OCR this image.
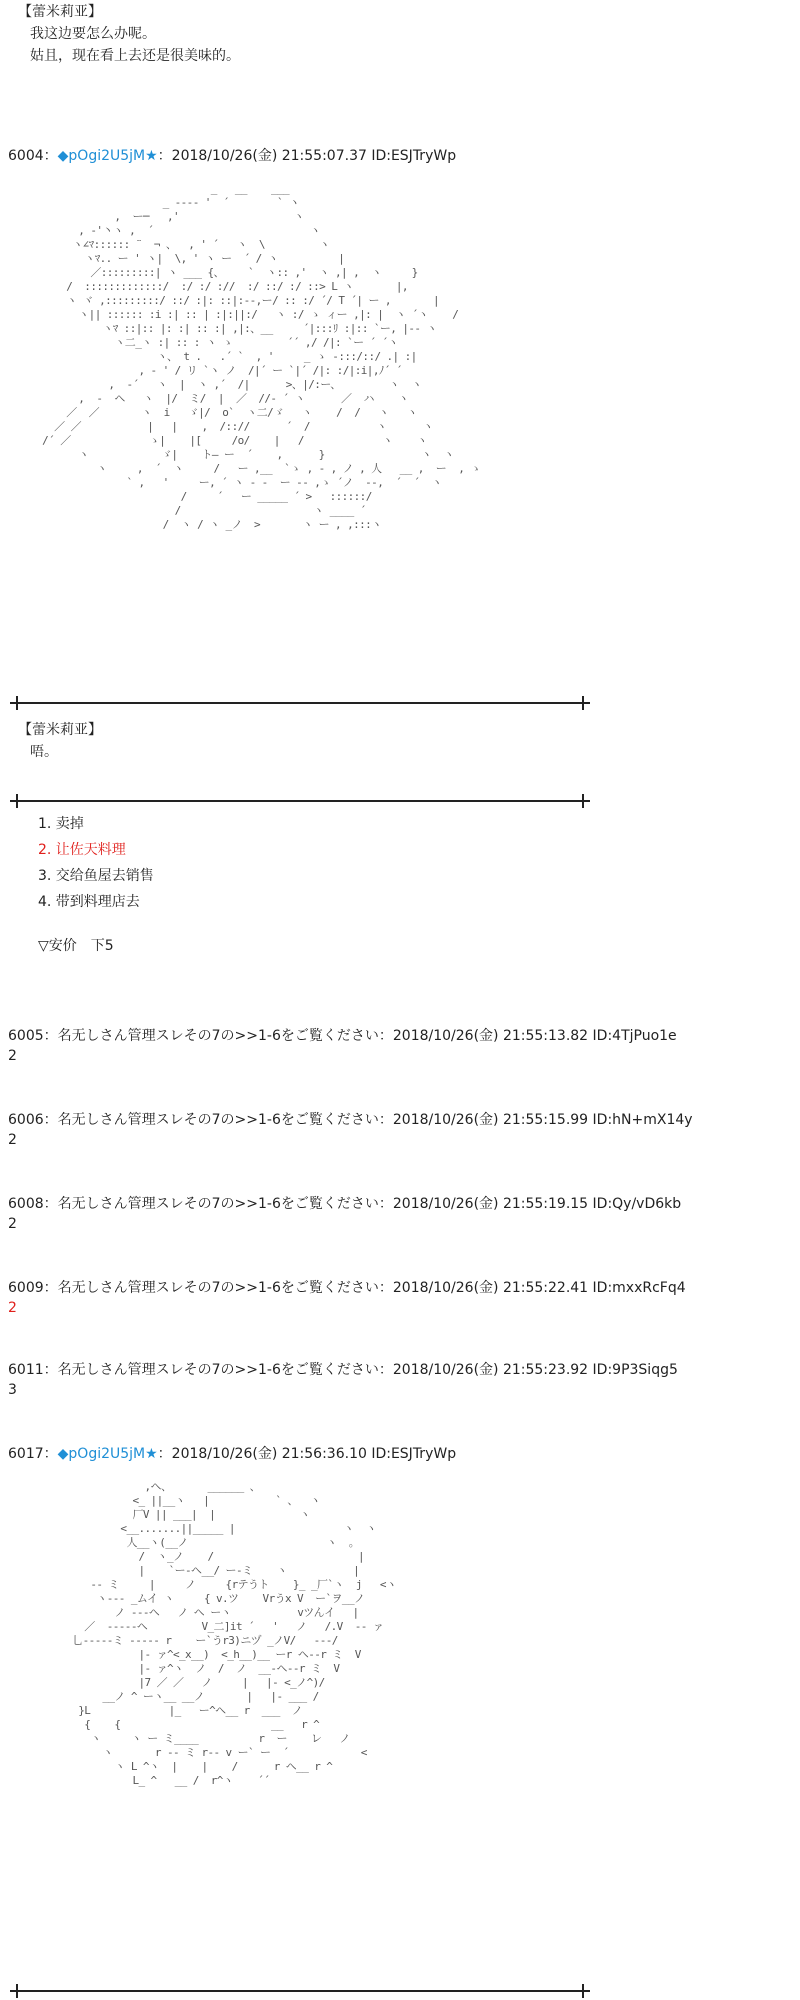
【蕾米莉亚】
我这边要怎么办呢。
姑且，现在看上去还是很美味的。
6004：◆pOgi2U5jM★：2018/10/26(金) 21:55:07.37 ID:ESJTryWp
_   __    ___
_ ---- '  ´        ` ヽ
,  ー─   ,'                   ヽ
, -'丶ヽ ,  ´                          ヽ
ヽ∠ﾏ:::::: ¨  ¬ 、  , ' ´   ヽ  \         ヽ
ヽﾏ.. ー ' ヽ|  \, ' ヽ ー  ´ / ヽ          |
／:::::::::| ヽ ___ {、    `  ヽ:: ,'  ヽ ,| ,  ヽ     }
/  :::::::::::::/  :/ :/ ://  :/ ::/ :/ ::> L ヽ       |,
ヽ ヾ ,:::::::::/ ::/ :|: ::|:--,ー/ :: :/ ´/ T ´| ー ,       |
ヽ|| :::::: :i :| :: | :|:||:/   ヽ :/ ゝ ィー ,|: |  ヽ ´ヽ    /
ヽﾏ ::|:: |: :| :: :| ,|:、__     ´|:::ﾘ :|:: `ー, |-- ヽ
ヽ二_ヽ :| :: : ヽ ゝ         ´´ ,/ /|: `ー ´ ´ヽ
ヽ、 t .   .´ `  , '     _ ゝ -:::/::/ .| :|
, - ' / リ `ヽ ノ  /|´ ー `|´ /|: :/|:i|,ﾉ´ ´
,  -´   ヽ  |  ヽ ,´  /|      >、|/:ー、        ヽ  ヽ
,  -  ヘ   ヽ  |/  ミ/  |  ／  //- ´ ヽ      ／  ハ    ヽ
／  ／       ヽ  i   ゞ|/  o`  ヽ二/ゞ   ヽ    /  /   ヽ   ヽ
／ ／           |   |    ,  /:://      ´  /           ヽ      ヽ
/´ ／             ゝ|    |[     /o/    |   /             ヽ    ヽ
ヽ            ゞ|    ト― ー  ´    ,      }                ヽ  ヽ
ヽ     ,  ´  ヽ     /   ー ,__  `ゝ , - , ノ , 人   __ ,  ー  , ゝ
` ,   '     ー, ´ ヽ - -  ー -- ,ゝ ´ノ  --,  ´  ´  ヽ
/     ´   ー _____ ´ >   ::::::/
/                      ヽ ____ ´
/  ヽ / ヽ _ノ  >       ヽ ー , ,:::ヽ
【蕾米莉亚】
唔。
1. 卖掉
2. 让佐天料理
3. 交给鱼屋去销售
4. 带到料理店去
▽安价　下5
6005：名无しさん管理スレその7の>>1-6をご覧ください：2018/10/26(金) 21:55:13.82 ID:4TjPuo1e
2
6006：名无しさん管理スレその7の>>1-6をご覧ください：2018/10/26(金) 21:55:15.99 ID:hN+mX14y
2
6008：名无しさん管理スレその7の>>1-6をご覧ください：2018/10/26(金) 21:55:19.15 ID:Qy/vD6kb
2
6009：名无しさん管理スレその7の>>1-6をご覧ください：2018/10/26(金) 21:55:22.41 ID:mxxRcFq4
2
6011：名无しさん管理スレその7の>>1-6をご覧ください：2018/10/26(金) 21:55:23.92 ID:9P3Siqg5
3
6017：◆pOgi2U5jM★：2018/10/26(金) 21:56:36.10 ID:ESJTryWp
,ヘ、      ______ 、
<_ ||__ヽ   |           ` 、  ヽ
厂V || ___|  |              ヽ
<__.......||_____ |                  ヽ  ヽ
人__ヽ(__ノ                       ヽ  。
/  ヽ_ノ    /                        |
|    `ー-ヘ__/ ー-ミ    ヽ           |
-- ミ     |     ノ     {rテうト    }_ _厂`ヽ  j   <ヽ
ヽ--- _ムイ ヽ     { v.ツ    Vrうx V  ー`ヲ__ノ
ノ ---ヘ   ノ ヘ ーヽ           vツんイ   |
／  -----ヘ         V_二]it ´   '   ノ   /.V  -- ァ
乚-----ミ ----- r    ー`うr3)ニヅ _ノV/   ---/
|- ァ^<_x__)  <_h__)__ ーr ヘ--r ミ  V
|- ァ^ヽ  ノ  /  ノ  __-ヘ--r ミ  V
|7 ／ ／   ノ     |   |- <_ノ^)/
__ノ ^ ーヽ__ __ノ       |   |- ___ /
}L             |_   ー^ヘ__ r  ___  ノ
{    {                         __   r ^
ヽ     ヽ ー ミ____          r  ー    レ   ノ
ヽ       r -- ミ r-- v ー` ー  ´            <
ヽ L ^ヽ  |    |    /      r ヘ__ r ^
L_ ^   __ /  r^ヽ    ´´
